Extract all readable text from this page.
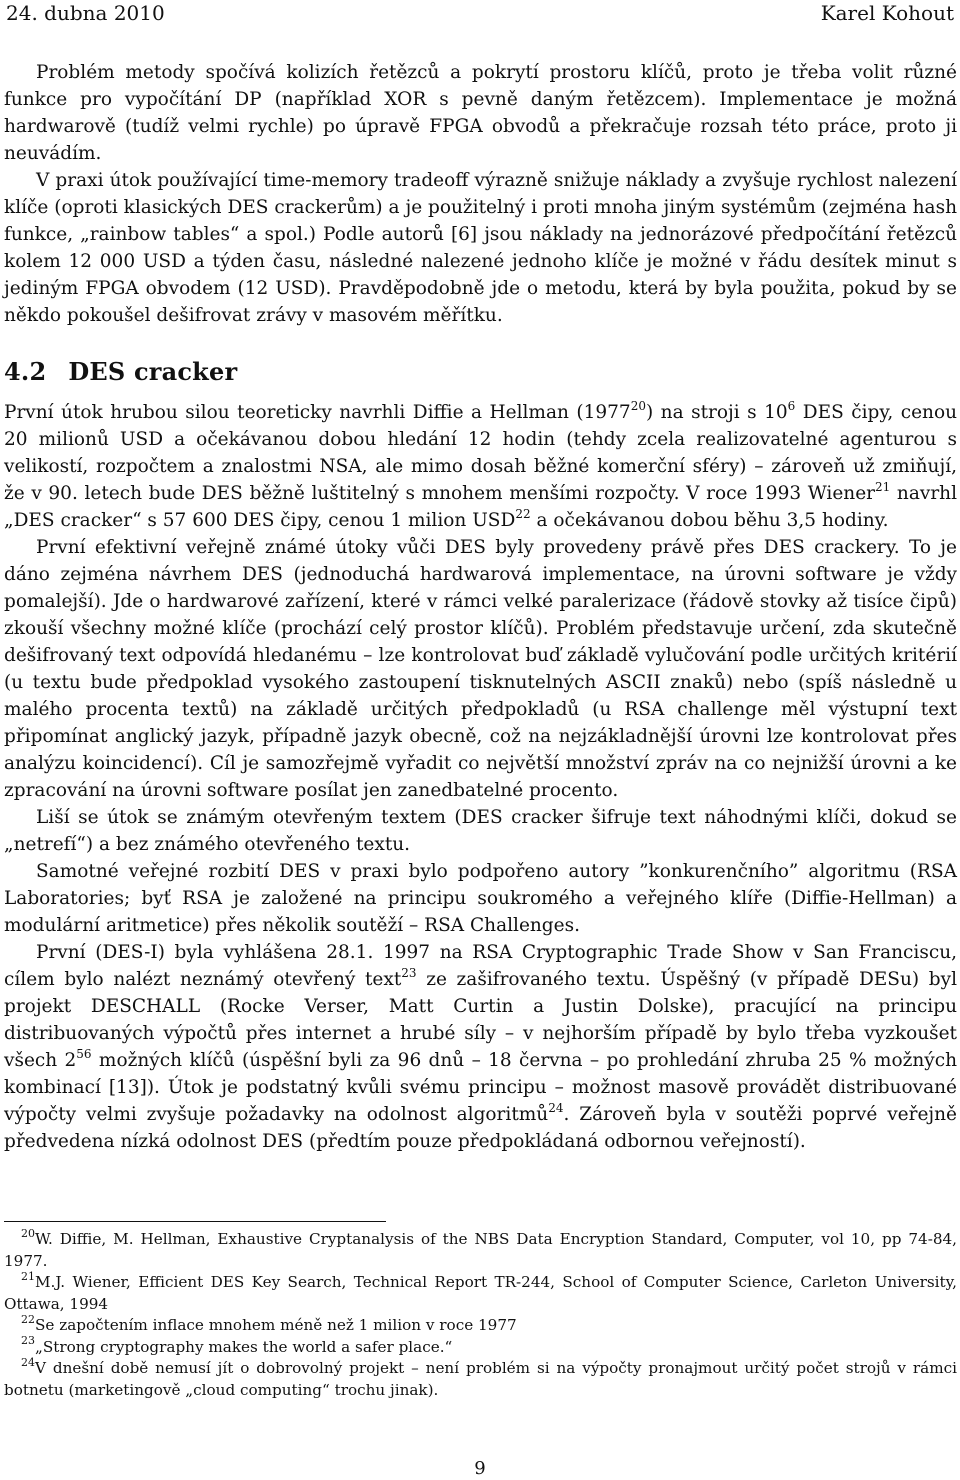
24. dubna 2010	Karel Kohout

Problém metody spočívá kolizích řetězců a pokrytí prostoru klíčů, proto je třeba volit různé funkce pro vypočítání DP (například XOR s pevně daným řetězcem). Implementace je možná hardwarově (tudíž velmi rychle) po úpravě FPGA obvodů a překračuje rozsah této práce, proto ji neuvádím.

V praxi útok používající time-memory tradeoff výrazně snižuje náklady a zvyšuje rychlost nalezení klíče (oproti klasických DES crackerům) a je použitelný i proti mnoha jiným systémům (zejména hash funkce, „rainbow tables“ a spol.) Podle autorů [6] jsou náklady na jednorázové předpočítání řetězců kolem 12 000 USD a týden času, následné nalezené jednoho klíče je možné v řádu desítek minut s jediným FPGA obvodem (12 USD). Pravděpodobně jde o metodu, která by byla použita, pokud by se někdo pokoušel dešifrovat zrávy v masovém měřítku.

4.2 DES cracker

První útok hrubou silou teoreticky navrhli Diffie a Hellman (1977$^{20}$) na stroji s $10^6$ DES čipy, cenou 20 milionů USD a očekávanou dobou hledání 12 hodin (tehdy zcela realizovatelné agenturou s velikostí, rozpočtem a znalostmi NSA, ale mimo dosah běžné komerční sféry) – zároveň už zmiňují, že v 90. letech bude DES běžně luštitelný s mnohem menšími rozpočty. V roce 1993 Wiener$^{21}$ navrhl „DES cracker“ s 57 600 DES čipy, cenou 1 milion USD$^{22}$ a očekávanou dobou běhu 3,5 hodiny.

První efektivní veřejně známé útoky vůči DES byly provedeny právě přes DES crackery. To je dáno zejména návrhem DES (jednoduchá hardwarová implementace, na úrovni software je vždy pomalejší). Jde o hardwarové zařízení, které v rámci velké paralerizace (řádově stovky až tisíce čipů) zkouší všechny možné klíče (prochází celý prostor klíčů). Problém představuje určení, zda skutečně dešifrovaný text odpovídá hledanému – lze kontrolovat buď základě vylučování podle určitých kritérií (u textu bude předpoklad vysokého zastoupení tisknutelných ASCII znaků) nebo (spíš následně u malého procenta textů) na základě určitých předpokladů (u RSA challenge měl výstupní text připomínat anglický jazyk, případně jazyk obecně, což na nejzákladnější úrovni lze kontrolovat přes analýzu koincidencí). Cíl je samozřejmě vyřadit co největší množství zpráv na co nejnižší úrovni a ke zpracování na úrovni software posílat jen zanedbatelné procento.

Liší se útok se známým otevřeným textem (DES cracker šifruje text náhodnými klíči, dokud se „netrefí“) a bez známého otevřeného textu.

Samotné veřejné rozbití DES v praxi bylo podpořeno autory ”konkurenčního” algoritmu (RSA Laboratories; byť RSA je založené na principu soukromého a veřejného klíře (Diffie-Hellman) a modulární aritmetice) přes několik soutěží – RSA Challenges.

První (DES-I) byla vyhlášena 28.1. 1997 na RSA Cryptographic Trade Show v San Franciscu, cílem bylo nalézt neznámý otevřený text$^{23}$ ze zašifrovaného textu. Úspěšný (v případě DESu) byl projekt DESCHALL (Rocke Verser, Matt Curtin a Justin Dolske), pracující na principu distribuovaných výpočtů přes internet a hrubé síly – v nejhorším případě by bylo třeba vyzkoušet všech $2^{56}$ možných klíčů (úspěšní byli za 96 dnů – 18 června – po prohledání zhruba 25 % možných kombinací [13]). Útok je podstatný kvůli svému principu – možnost masově provádět distribuované výpočty velmi zvyšuje požadavky na odolnost algoritmů$^{24}$. Zároveň byla v soutěži poprvé veřejně předvedena nízká odolnost DES (předtím pouze předpokládaná odbornou veřejností).

$^{20}$W. Diffie, M. Hellman, Exhaustive Cryptanalysis of the NBS Data Encryption Standard, Computer, vol 10, pp 74-84, 1977.

$^{21}$M.J. Wiener, Efficient DES Key Search, Technical Report TR-244, School of Computer Science, Carleton University, Ottawa, 1994

$^{22}$Se započtením inflace mnohem méně než 1 milion v roce 1977

$^{23}$„Strong cryptography makes the world a safer place.“

$^{24}$V dnešní době nemusí jít o dobrovolný projekt – není problém si na výpočty pronajmout určitý počet strojů v rámci botnetu (marketingově „cloud computing“ trochu jinak).

9
